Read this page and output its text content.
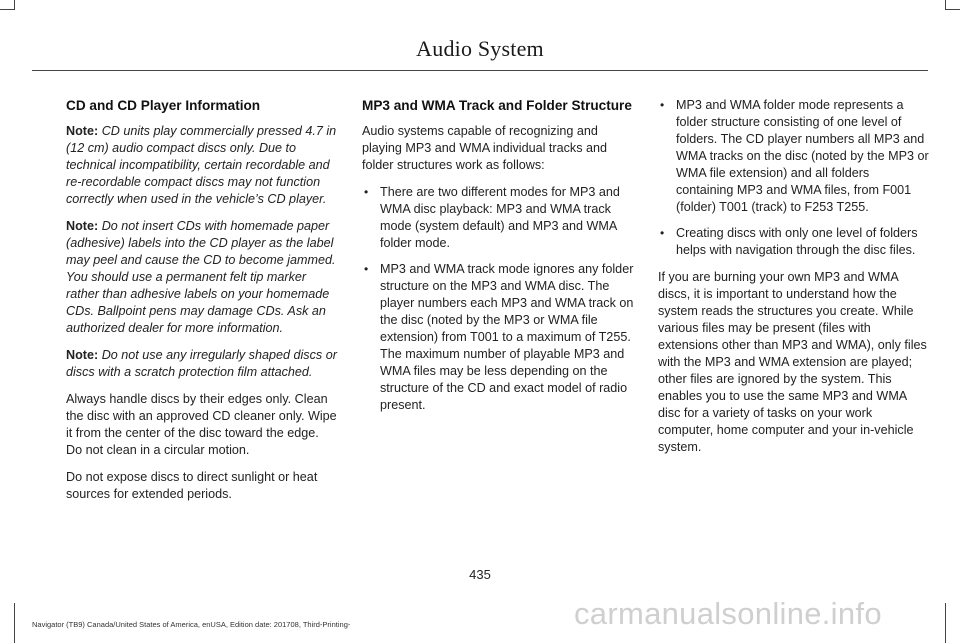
Audio System
CD and CD Player Information

Note: CD units play commercially pressed 4.7 in (12 cm) audio compact discs only. Due to technical incompatibility, certain recordable and re-recordable compact discs may not function correctly when used in the vehicle’s CD player.

Note: Do not insert CDs with homemade paper (adhesive) labels into the CD player as the label may peel and cause the CD to become jammed. You should use a permanent felt tip marker rather than adhesive labels on your homemade CDs. Ballpoint pens may damage CDs. Ask an authorized dealer for more information.

Note: Do not use any irregularly shaped discs or discs with a scratch protection film attached.

Always handle discs by their edges only. Clean the disc with an approved CD cleaner only. Wipe it from the center of the disc toward the edge. Do not clean in a circular motion.

Do not expose discs to direct sunlight or heat sources for extended periods.

MP3 and WMA Track and Folder Structure

Audio systems capable of recognizing and playing MP3 and WMA individual tracks and folder structures work as follows:

• There are two different modes for MP3 and WMA disc playback: MP3 and WMA track mode (system default) and MP3 and WMA folder mode.
• MP3 and WMA track mode ignores any folder structure on the MP3 and WMA disc. The player numbers each MP3 and WMA track on the disc (noted by the MP3 or WMA file extension) from T001 to a maximum of T255. The maximum number of playable MP3 and WMA files may be less depending on the structure of the CD and exact model of radio present.
• MP3 and WMA folder mode represents a folder structure consisting of one level of folders. The CD player numbers all MP3 and WMA tracks on the disc (noted by the MP3 or WMA file extension) and all folders containing MP3 and WMA files, from F001 (folder) T001 (track) to F253 T255.
• Creating discs with only one level of folders helps with navigation through the disc files.

If you are burning your own MP3 and WMA discs, it is important to understand how the system reads the structures you create. While various files may be present (files with extensions other than MP3 and WMA), only files with the MP3 and WMA extension are played; other files are ignored by the system. This enables you to use the same MP3 and WMA disc for a variety of tasks on your work computer, home computer and your in-vehicle system.

435
carmanualsonline.info
Navigator (TB9) Canada/United States of America, enUSA, Edition date: 201708, Third-Printing-
